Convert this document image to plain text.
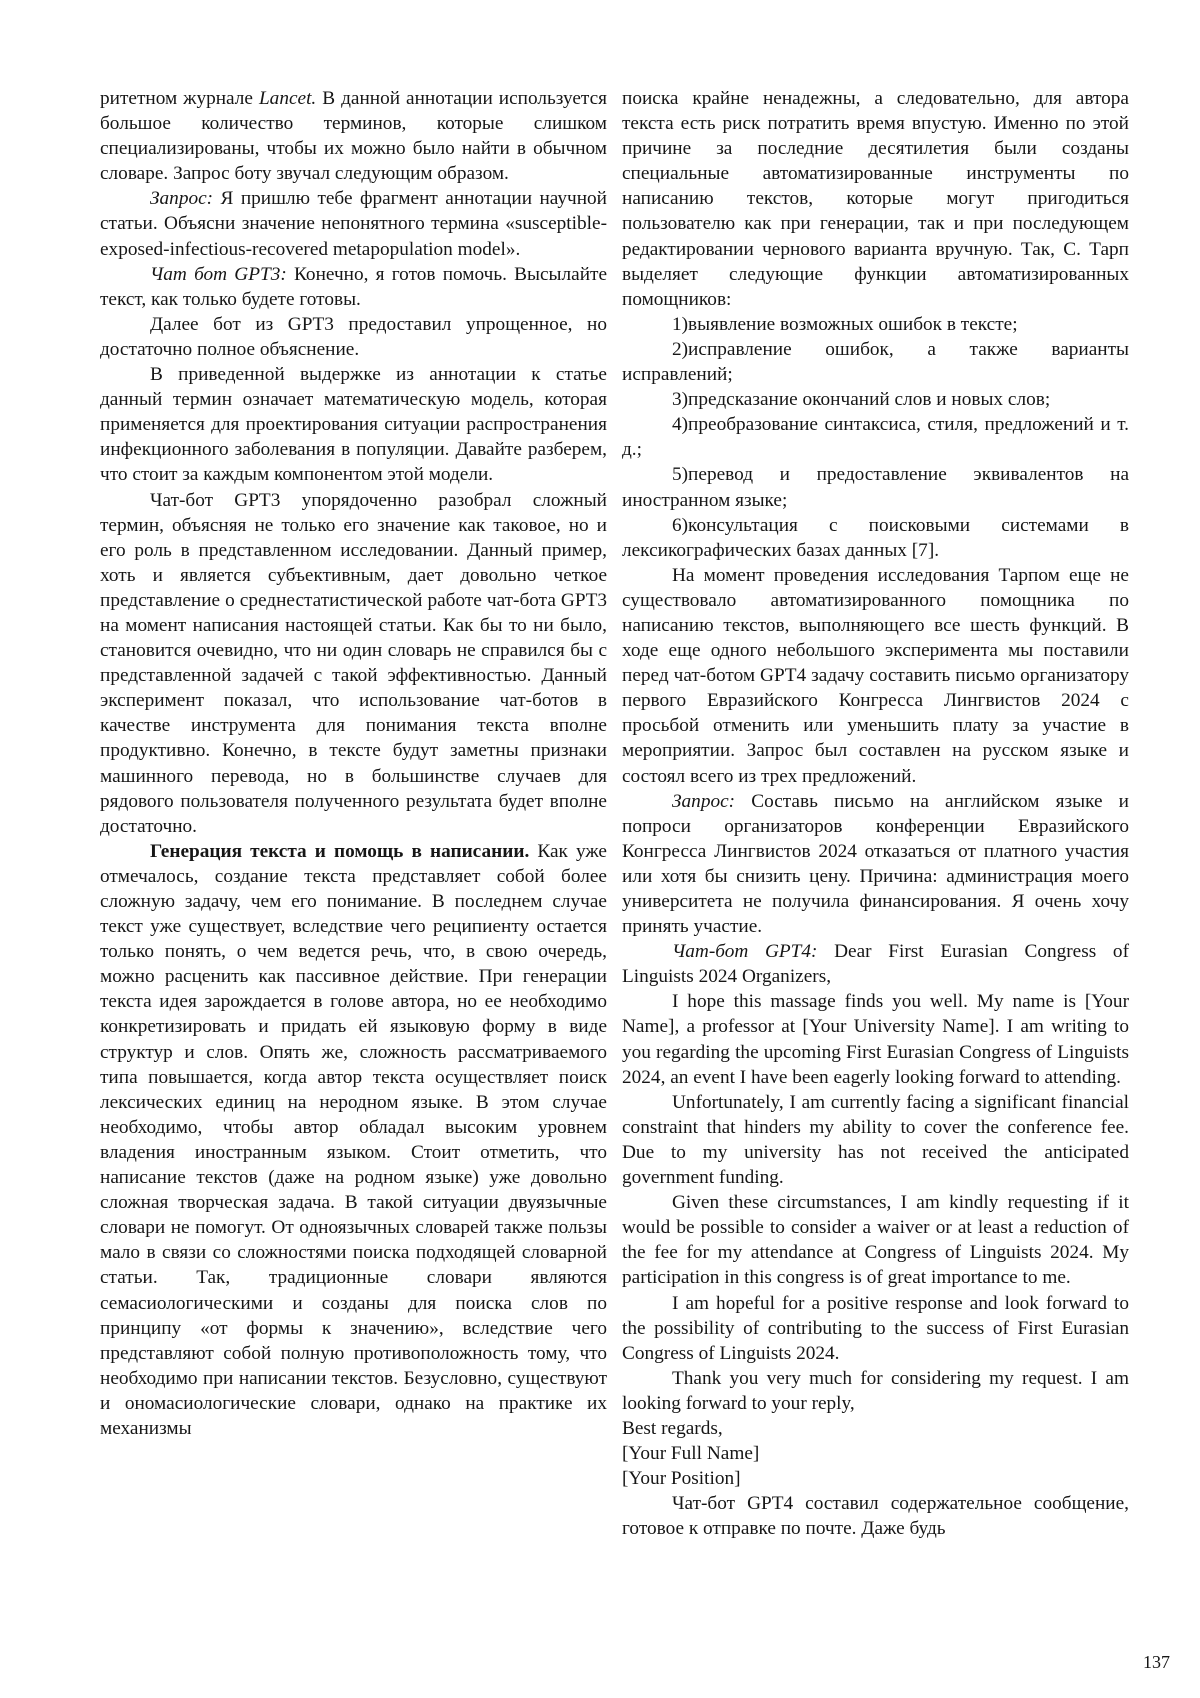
ритетном журнале Lancet. В данной аннотации используется большое количество терминов, которые слишком специализированы, чтобы их можно было найти в обычном словаре. Запрос боту звучал следующим образом.

Запрос: Я пришлю тебе фрагмент аннотации научной статьи. Объясни значение непонятного термина «susceptible-exposed-infectious-recovered metapopulation model».

Чат бот GPT3: Конечно, я готов помочь. Высылайте текст, как только будете готовы.

Далее бот из GPT3 предоставил упрощенное, но достаточно полное объяснение.

В приведенной выдержке из аннотации к статье данный термин означает математическую модель, которая применяется для проектирования ситуации распространения инфекционного заболевания в популяции. Давайте разберем, что стоит за каждым компонентом этой модели.

Чат-бот GPT3 упорядоченно разобрал сложный термин, объясняя не только его значение как таковое, но и его роль в представленном исследовании. Данный пример, хоть и является субъективным, дает довольно четкое представление о среднестатистической работе чат-бота GPT3 на момент написания настоящей статьи. Как бы то ни было, становится очевидно, что ни один словарь не справился бы с представленной задачей с такой эффективностью. Данный эксперимент показал, что использование чат-ботов в качестве инструмента для понимания текста вполне продуктивно. Конечно, в тексте будут заметны признаки машинного перевода, но в большинстве случаев для рядового пользователя полученного результата будет вполне достаточно.

Генерация текста и помощь в написании. Как уже отмечалось, создание текста представляет собой более сложную задачу, чем его понимание. В последнем случае текст уже существует, вследствие чего реципиенту остается только понять, о чем ведется речь, что, в свою очередь, можно расценить как пассивное действие. При генерации текста идея зарождается в голове автора, но ее необходимо конкретизировать и придать ей языковую форму в виде структур и слов. Опять же, сложность рассматриваемого типа повышается, когда автор текста осуществляет поиск лексических единиц на неродном языке. В этом случае необходимо, чтобы автор обладал высоким уровнем владения иностранным языком. Стоит отметить, что написание текстов (даже на родном языке) уже довольно сложная творческая задача. В такой ситуации двуязычные словари не помогут. От одноязычных словарей также пользы мало в связи со сложностями поиска подходящей словарной статьи. Так, традиционные словари являются семасиологическими и созданы для поиска слов по принципу «от формы к значению», вследствие чего представляют собой полную противоположность тому, что необходимо при написании текстов. Безусловно, существуют и ономасиологические словари, однако на практике их механизмы

поиска крайне ненадежны, а следовательно, для автора текста есть риск потратить время впустую. Именно по этой причине за последние десятилетия были созданы специальные автоматизированные инструменты по написанию текстов, которые могут пригодиться пользователю как при генерации, так и при последующем редактировании чернового варианта вручную. Так, С. Тарп выделяет следующие функции автоматизированных помощников:

1)выявление возможных ошибок в тексте;

2)исправление ошибок, а также варианты исправлений;

3)предсказание окончаний слов и новых слов;

4)преобразование синтаксиса, стиля, предложений и т. д.;

5)перевод и предоставление эквивалентов на иностранном языке;

6)консультация с поисковыми системами в лексикографических базах данных [7].

На момент проведения исследования Тарпом еще не существовало автоматизированного помощника по написанию текстов, выполняющего все шесть функций. В ходе еще одного небольшого эксперимента мы поставили перед чат-ботом GPT4 задачу составить письмо организатору первого Евразийского Конгресса Лингвистов 2024 с просьбой отменить или уменьшить плату за участие в мероприятии. Запрос был составлен на русском языке и состоял всего из трех предложений.

Запрос: Составь письмо на английском языке и попроси организаторов конференции Евразийского Конгресса Лингвистов 2024 отказаться от платного участия или хотя бы снизить цену. Причина: администрация моего университета не получила финансирования. Я очень хочу принять участие.

Чат-бот GPT4: Dear First Eurasian Congress of Linguists 2024 Organizers,

I hope this massage finds you well. My name is [Your Name], a professor at [Your University Name]. I am writing to you regarding the upcoming First Eurasian Congress of Linguists 2024, an event I have been eagerly looking forward to attending.

Unfortunately, I am currently facing a significant financial constraint that hinders my ability to cover the conference fee. Due to my university has not received the anticipated government funding.

Given these circumstances, I am kindly requesting if it would be possible to consider a waiver or at least a reduction of the fee for my attendance at Congress of Linguists 2024. My participation in this congress is of great importance to me.

I am hopeful for a positive response and look forward to the possibility of contributing to the success of First Eurasian Congress of Linguists 2024.

Thank you very much for considering my request. I am looking forward to your reply,

Best regards,

[Your Full Name]

[Your Position]

Чат-бот GPT4 составил содержательное сообщение, готовое к отправке по почте. Даже будь

137
